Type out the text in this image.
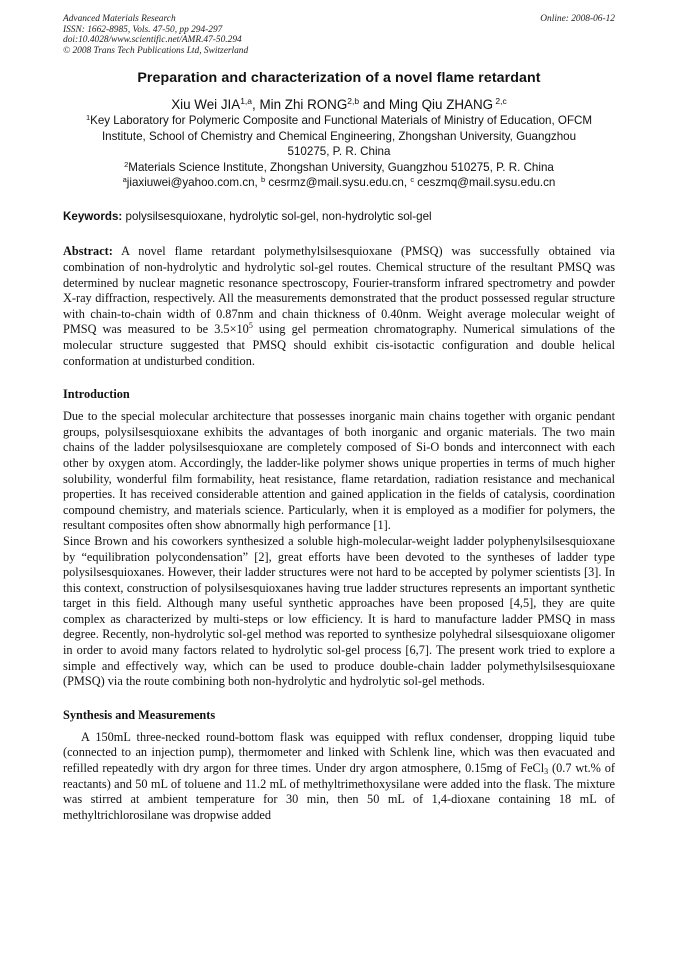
Advanced Materials Research
ISSN: 1662-8985, Vols. 47-50, pp 294-297
doi:10.4028/www.scientific.net/AMR.47-50.294
© 2008 Trans Tech Publications Ltd, Switzerland
Online: 2008-06-12
Preparation and characterization of a novel flame retardant
Xiu Wei JIA$^{1,a}$, Min Zhi RONG$^{2,b}$ and Ming Qiu ZHANG $^{2,c}$
$^1$Key Laboratory for Polymeric Composite and Functional Materials of Ministry of Education, OFCM
Institute, School of Chemistry and Chemical Engineering, Zhongshan University, Guangzhou
510275, P. R. China
$^2$Materials Science Institute, Zhongshan University, Guangzhou 510275, P. R. China
$^a$jiaxiuwei@yahoo.com.cn, $^b$ cesrmz@mail.sysu.edu.cn, $^c$ ceszmq@mail.sysu.edu.cn
Keywords: polysilsesquioxane, hydrolytic sol-gel, non-hydrolytic sol-gel
Abstract: A novel flame retardant polymethylsilsesquioxane (PMSQ) was successfully obtained via combination of non-hydrolytic and hydrolytic sol-gel routes. Chemical structure of the resultant PMSQ was determined by nuclear magnetic resonance spectroscopy, Fourier-transform infrared spectrometry and powder X-ray diffraction, respectively. All the measurements demonstrated that the product possessed regular structure with chain-to-chain width of 0.87nm and chain thickness of 0.40nm. Weight average molecular weight of PMSQ was measured to be $3.5\times 10^5$ using gel permeation chromatography. Numerical simulations of the molecular structure suggested that PMSQ should exhibit cis-isotactic configuration and double helical conformation at undisturbed condition.
Introduction
Due to the special molecular architecture that possesses inorganic main chains together with organic pendant groups, polysilsesquioxane exhibits the advantages of both inorganic and organic materials. The two main chains of the ladder polysilsesquioxane are completely composed of Si-O bonds and interconnect with each other by oxygen atom. Accordingly, the ladder-like polymer shows unique properties in terms of much higher solubility, wonderful film formability, heat resistance, flame retardation, radiation resistance and mechanical properties. It has received considerable attention and gained application in the fields of catalysis, coordination compound chemistry, and materials science. Particularly, when it is employed as a modifier for polymers, the resultant composites often show abnormally high performance [1].
Since Brown and his coworkers synthesized a soluble high-molecular-weight ladder polyphenylsilsesquioxane by “equilibration polycondensation” [2], great efforts have been devoted to the syntheses of ladder type polysilsesquioxanes. However, their ladder structures were not hard to be accepted by polymer scientists [3]. In this context, construction of polysilsesquioxanes having true ladder structures represents an important synthetic target in this field. Although many useful synthetic approaches have been proposed [4,5], they are quite complex as characterized by multi-steps or low efficiency. It is hard to manufacture ladder PMSQ in mass degree. Recently, non-hydrolytic sol-gel method was reported to synthesize polyhedral silsesquioxane oligomer in order to avoid many factors related to hydrolytic sol-gel process [6,7]. The present work tried to explore a simple and effectively way, which can be used to produce double-chain ladder polymethylsilsesquioxane (PMSQ) via the route combining both non-hydrolytic and hydrolytic sol-gel methods.
Synthesis and Measurements
A 150mL three-necked round-bottom flask was equipped with reflux condenser, dropping liquid tube (connected to an injection pump), thermometer and linked with Schlenk line, which was then evacuated and refilled repeatedly with dry argon for three times. Under dry argon atmosphere, 0.15mg of FeCl$_3$ (0.7 wt.% of reactants) and 50 mL of toluene and 11.2 mL of methyltrimethoxysilane were added into the flask. The mixture was stirred at ambient temperature for 30 min, then 50 mL of 1,4-dioxane containing 18 mL of methyltrichlorosilane was dropwise added
